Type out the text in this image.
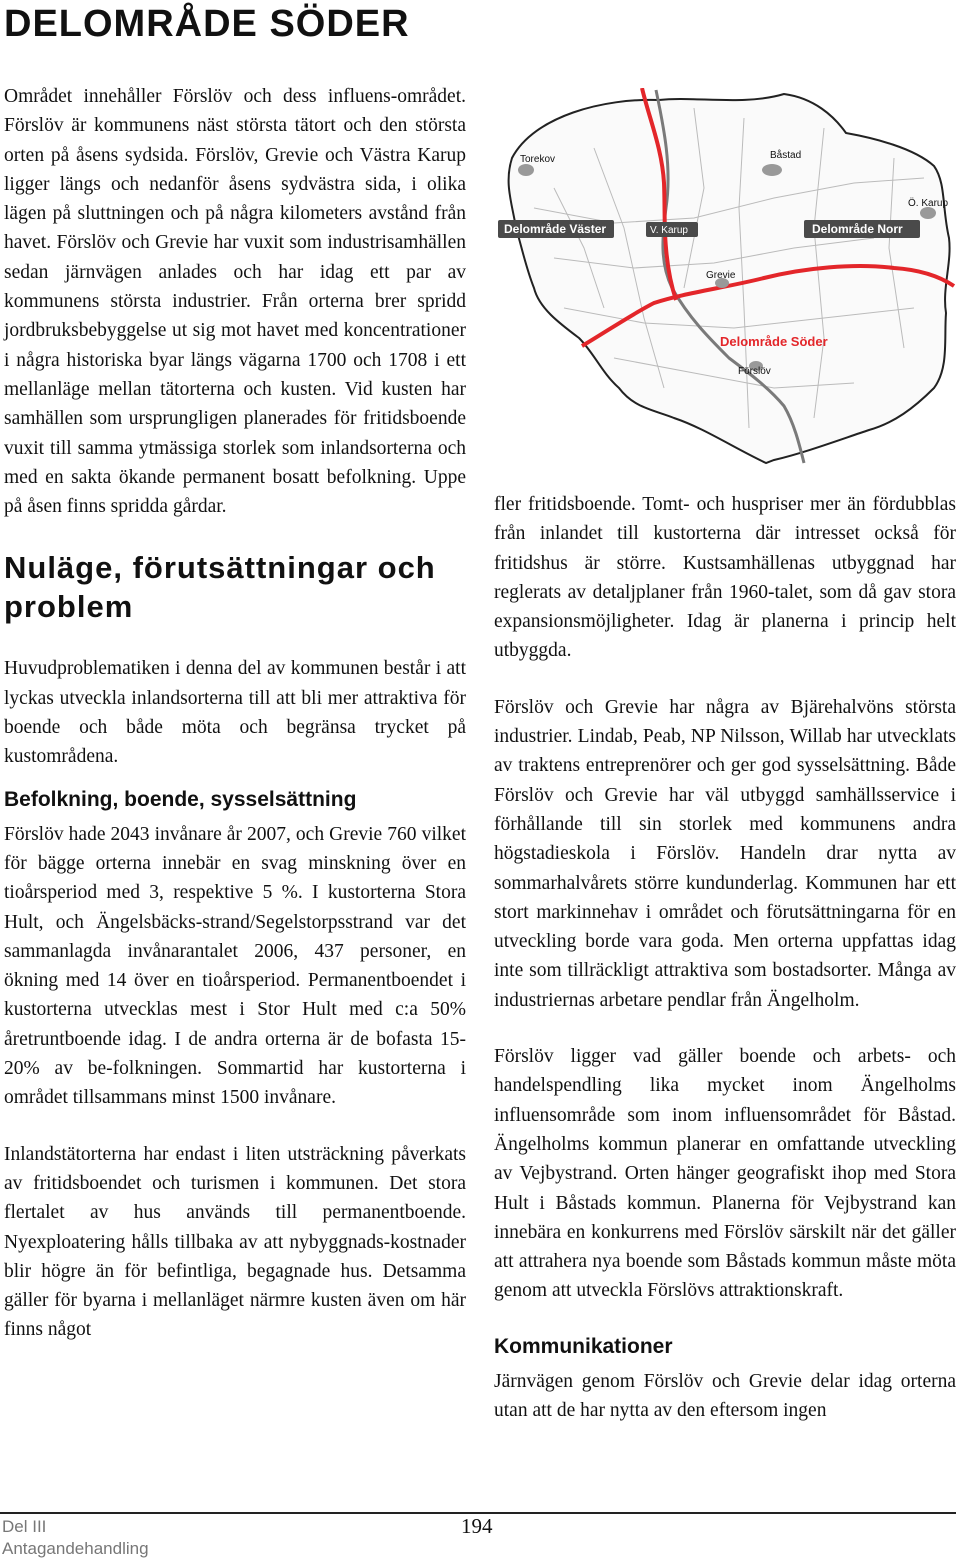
DELOMRÅDE SÖDER

Området innehåller Förslöv och dess influens-området. Förslöv är kommunens näst största tätort och den största orten på åsens sydsida. Förslöv, Grevie och Västra Karup ligger längs och nedanför åsens sydvästra sida, i olika lägen på sluttningen och på några kilometers avstånd från havet. Förslöv och Grevie har vuxit som industrisamhällen sedan järnvägen anlades och har idag ett par av kommunens största industrier. Från orterna brer spridd jordbruksbebyggelse ut sig mot havet med koncentrationer i några historiska byar längs vägarna 1700 och 1708 i ett mellanläge mellan tätorterna och kusten. Vid kusten har samhällen som ursprungligen planerades för fritidsboende vuxit till samma ytmässiga storlek som inlandsorterna och med en sakta ökande permanent bosatt befolkning. Uppe på åsen finns spridda gårdar.

Nuläge, förutsättningar och problem

Huvudproblematiken i denna del av kommunen består i att lyckas utveckla inlandsorterna till att bli mer attraktiva för boende och både möta och begränsa trycket på kustområdena.

Befolkning, boende, sysselsättning

Förslöv hade 2043 invånare år 2007, och Grevie 760 vilket för bägge orterna innebär en svag minskning över en tioårsperiod med 3, respektive 5 %. I kustorterna Stora Hult, och Ängelsbäcks-strand/Segelstorpsstrand var det sammanlagda invånarantalet 2006, 437 personer, en ökning med 14 över en tioårsperiod. Permanentboendet i kustorterna utvecklas mest i Stor Hult med c:a 50% åretruntboende idag. I de andra orterna är de bofasta 15-20% av be-folkningen. Sommartid har kustorterna i området tillsammans minst 1500 invånare.

Inlandstätorterna har endast i liten utsträckning påverkats av fritidsboendet och turismen i kommunen. Det stora flertalet av hus används till permanentboende. Nyexploatering hålls tillbaka av att nybyggnads-kostnader blir högre än för befintliga, begagnade hus. Detsamma gäller för byarna i mellanläget närmre kusten även om här finns något

Torekov	Båstad
Ö. Karup
Delområde Väster	V. Karup	Delområde Norr
Grevie
Delområde Söder
Förslöv

fler fritidsboende. Tomt- och huspriser mer än fördubblas från inlandet till kustorterna där intresset också för fritidshus är större. Kustsamhällenas utbyggnad har reglerats av detaljplaner från 1960-talet, som då gav stora expansionsmöjligheter. Idag är planerna i princip helt utbyggda.

Förslöv och Grevie har några av Bjärehalvöns största industrier. Lindab, Peab, NP Nilsson, Willab har utvecklats av traktens entreprenörer och ger god sysselsättning. Både Förslöv och Grevie har väl utbyggd samhällsservice i förhållande till sin storlek med kommunens andra högstadieskola i Förslöv. Handeln drar nytta av sommarhalvårets större kundunderlag. Kommunen har ett stort markinnehav i området och förutsättningarna för en utveckling borde vara goda. Men orterna uppfattas idag inte som tillräckligt attraktiva som bostadsorter. Många av industriernas arbetare pendlar från Ängelholm.

Förslöv ligger vad gäller boende och arbets- och handelspendling lika mycket inom Ängelholms influensområde som inom influensområdet för Båstad. Ängelholms kommun planerar en omfattande utveckling av Vejbystrand. Orten hänger geografiskt ihop med Stora Hult i Båstads kommun. Planerna för Vejbystrand kan innebära en konkurrens med Förslöv särskilt när det gäller att attrahera nya boende som Båstads kommun måste möta genom att utveckla Förslövs attraktionskraft.

Kommunikationer

Järnvägen genom Förslöv och Grevie delar idag orterna utan att de har nytta av den eftersom ingen

Del III
Antagandehandling
194
